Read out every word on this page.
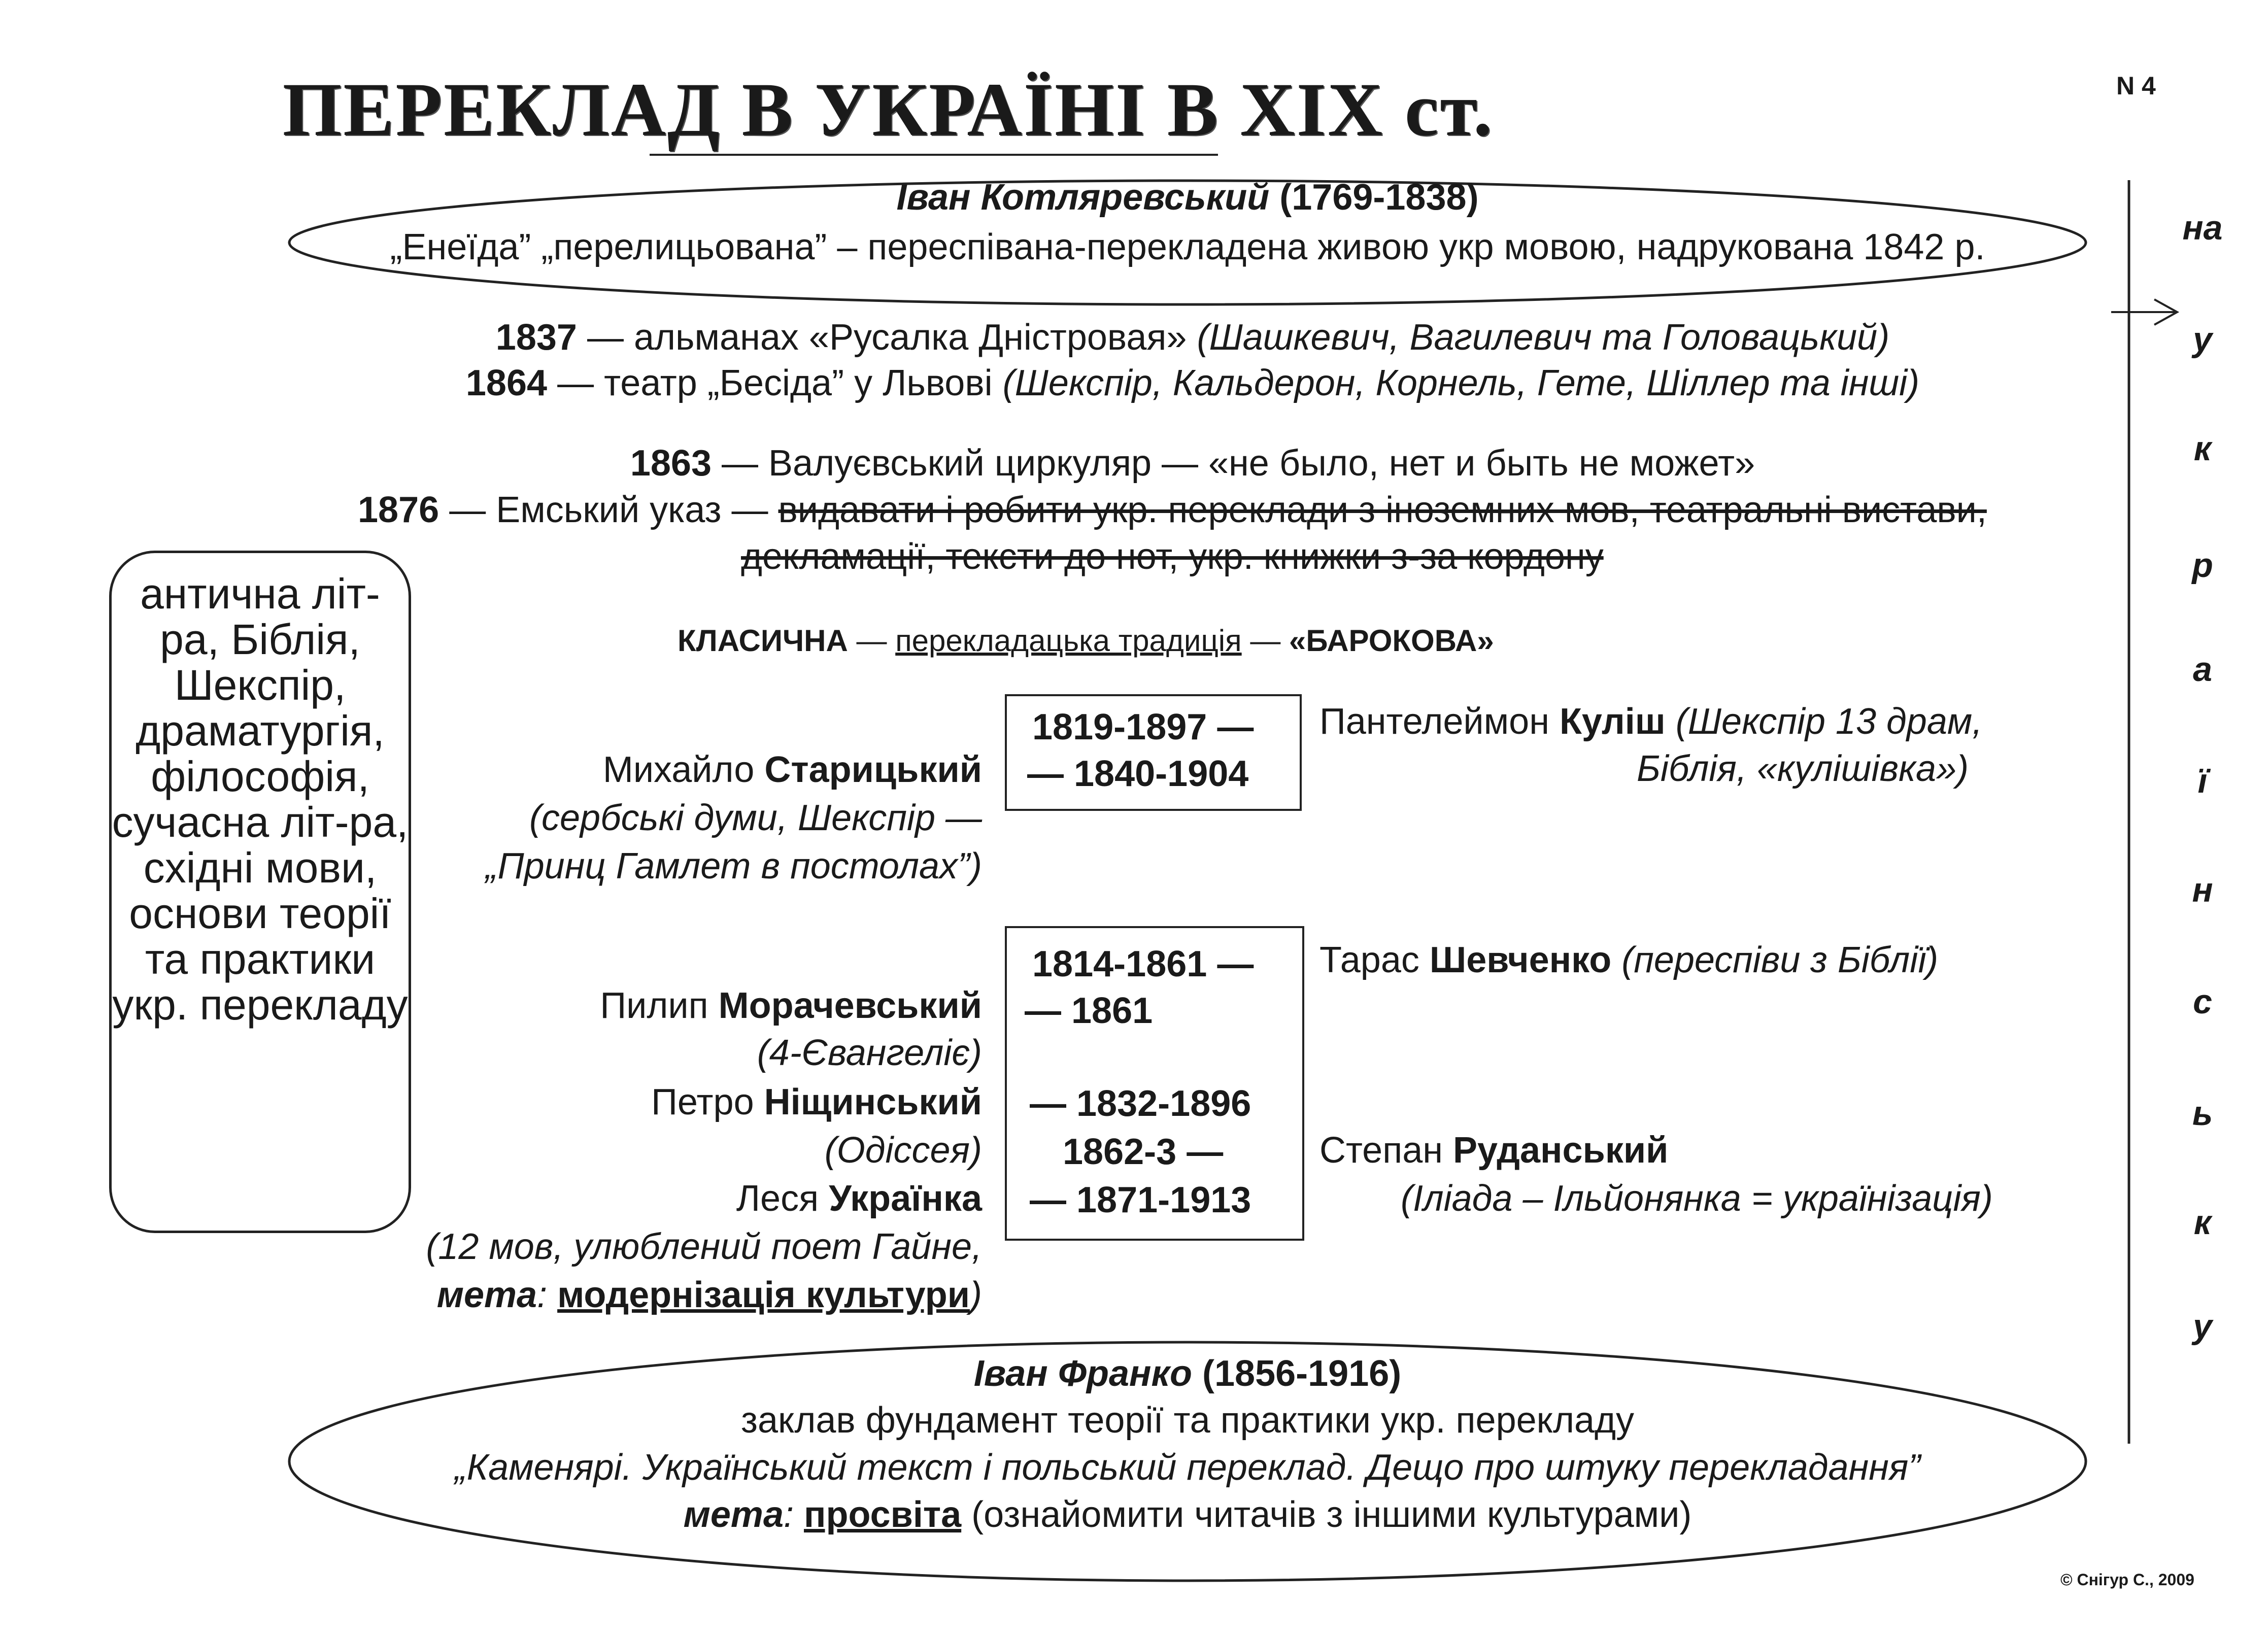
ПЕРЕКЛАД В УКРАЇНІ В XIX ст.	N 4
Іван Котляревський (1769-1838)
„Енеїда” „перелицьована” – переспівана-перекладена живою укр мовою, надрукована 1842 р.
1837 — альманах «Русалка Дністровая» (Шашкевич, Вагилевич та Головацький)
1864 — театр „Бесіда” у Львові (Шекспір, Кальдерон, Корнель, Гете, Шіллер та інші)
1863 — Валуєвський циркуляр — «не было, нет и быть не может»
1876 — Емський указ — видавати і робити укр. переклади з іноземних мов, театральні вистави,
декламації, тексти до нот, укр. книжки з-за кордону
антична літ-ра, Біблія, Шекспір, драматургія, філософія, сучасна літ-ра, східні мови, основи теорії та практики укр. перекладу
КЛАСИЧНА — перекладацька традиція — «БАРОКОВА»
1819-1897 —
— 1840-1904
1814-1861 —
— 1861
— 1832-1896
1862-3 —
— 1871-1913
Михайло Старицький
(сербські думи, Шекспір —
„Принц Гамлет в постолах”)
Пилип Морачевський
(4-Євангеліє)
Петро Ніщинський
(Одіссея)
Леся Українка
(12 мов, улюблений поет Гайне,
мета: модернізація культури)
Пантелеймон Куліш (Шекспір 13 драм,
Біблія, «кулішівка»)
Тарас Шевченко (переспіви з Біблії)
Степан Руданський
(Іліада – Ільйонянка = українізація)
Іван Франко (1856-1916)
заклав фундамент теорії та практики укр. перекладу
„Каменярі. Український текст і польський переклад. Дещо про штуку перекладання”
мета: просвіта (ознайомити читачів з іншими культурами)
на
у
к
р
а
ї
н
с
ь
к
у
© Снігур С., 2009
